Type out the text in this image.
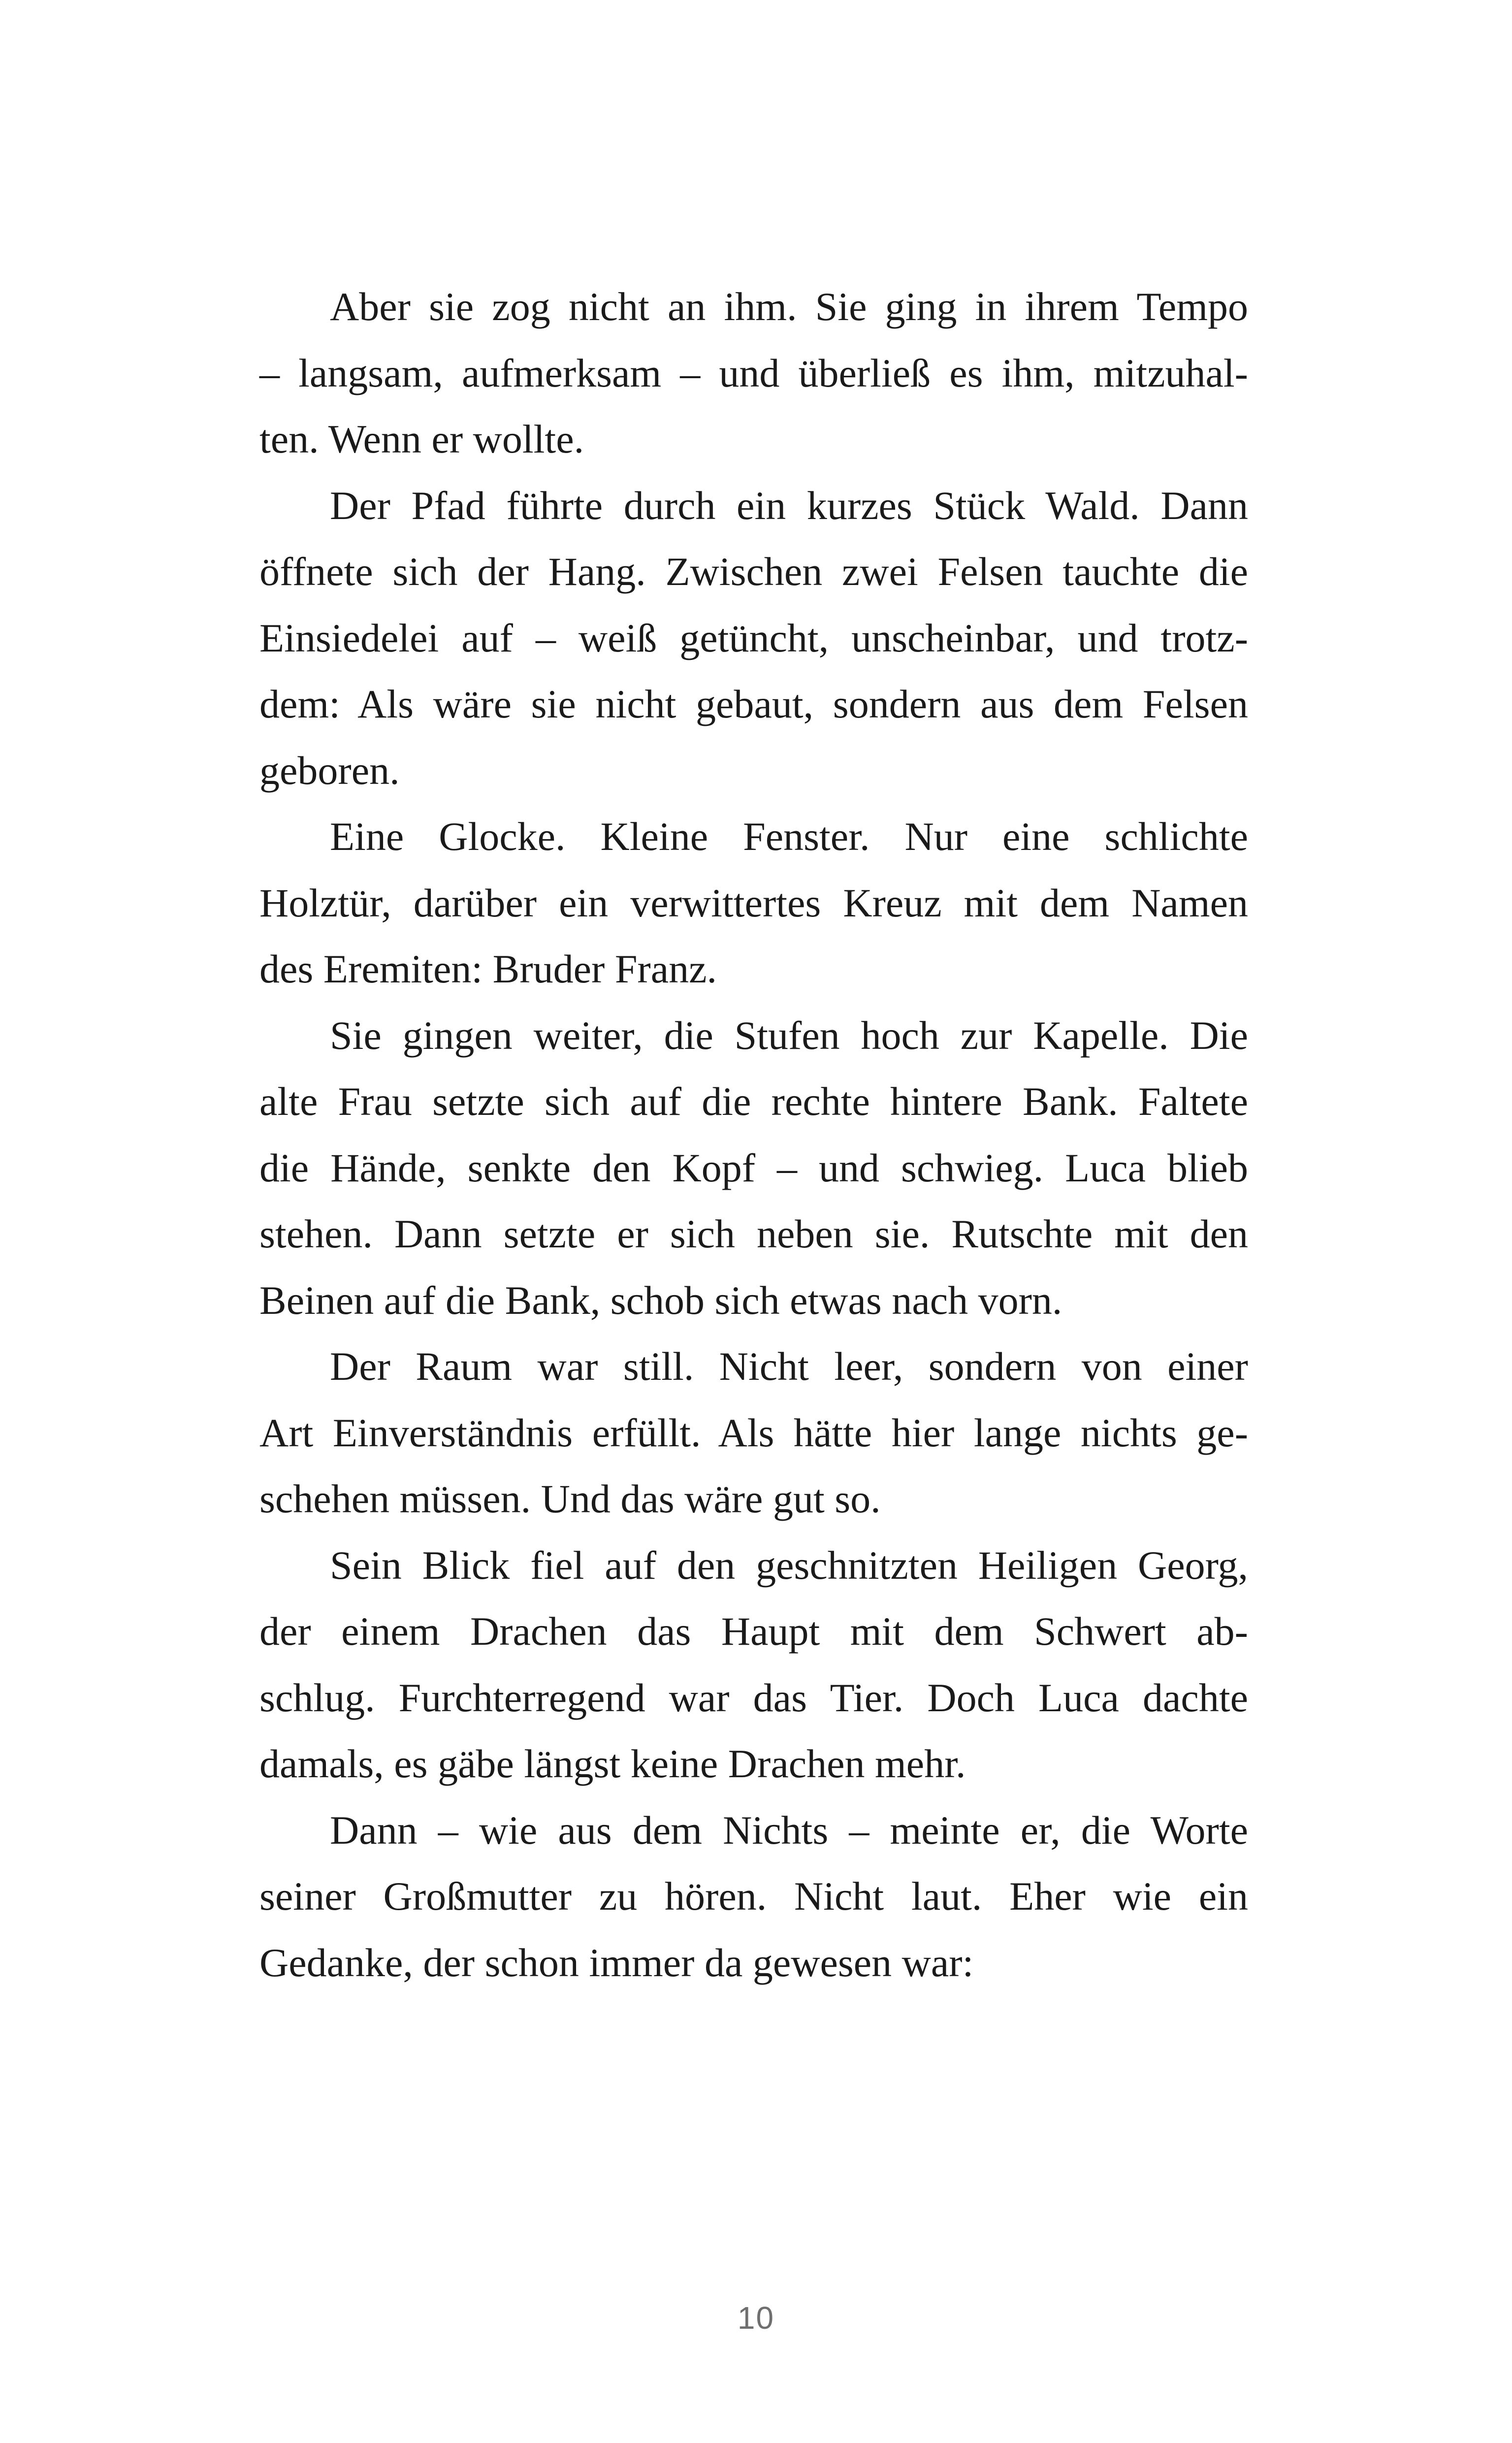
Aber sie zog nicht an ihm. Sie ging in ihrem Tempo
– langsam, aufmerksam – und überließ es ihm, mitzuhal-
ten. Wenn er wollte.
Der Pfad führte durch ein kurzes Stück Wald. Dann
öffnete sich der Hang. Zwischen zwei Felsen tauchte die
Einsiedelei auf – weiß getüncht, unscheinbar, und trotz-
dem: Als wäre sie nicht gebaut, sondern aus dem Felsen
geboren.
Eine Glocke. Kleine Fenster. Nur eine schlichte
Holztür, darüber ein verwittertes Kreuz mit dem Namen
des Eremiten: Bruder Franz.
Sie gingen weiter, die Stufen hoch zur Kapelle. Die
alte Frau setzte sich auf die rechte hintere Bank. Faltete
die Hände, senkte den Kopf – und schwieg. Luca blieb
stehen. Dann setzte er sich neben sie. Rutschte mit den
Beinen auf die Bank, schob sich etwas nach vorn.
Der Raum war still. Nicht leer, sondern von einer
Art Einverständnis erfüllt. Als hätte hier lange nichts ge-
schehen müssen. Und das wäre gut so.
Sein Blick fiel auf den geschnitzten Heiligen Georg,
der einem Drachen das Haupt mit dem Schwert ab-
schlug. Furchterregend war das Tier. Doch Luca dachte
damals, es gäbe längst keine Drachen mehr.
Dann – wie aus dem Nichts – meinte er, die Worte
seiner Großmutter zu hören. Nicht laut. Eher wie ein
Gedanke, der schon immer da gewesen war:
10
